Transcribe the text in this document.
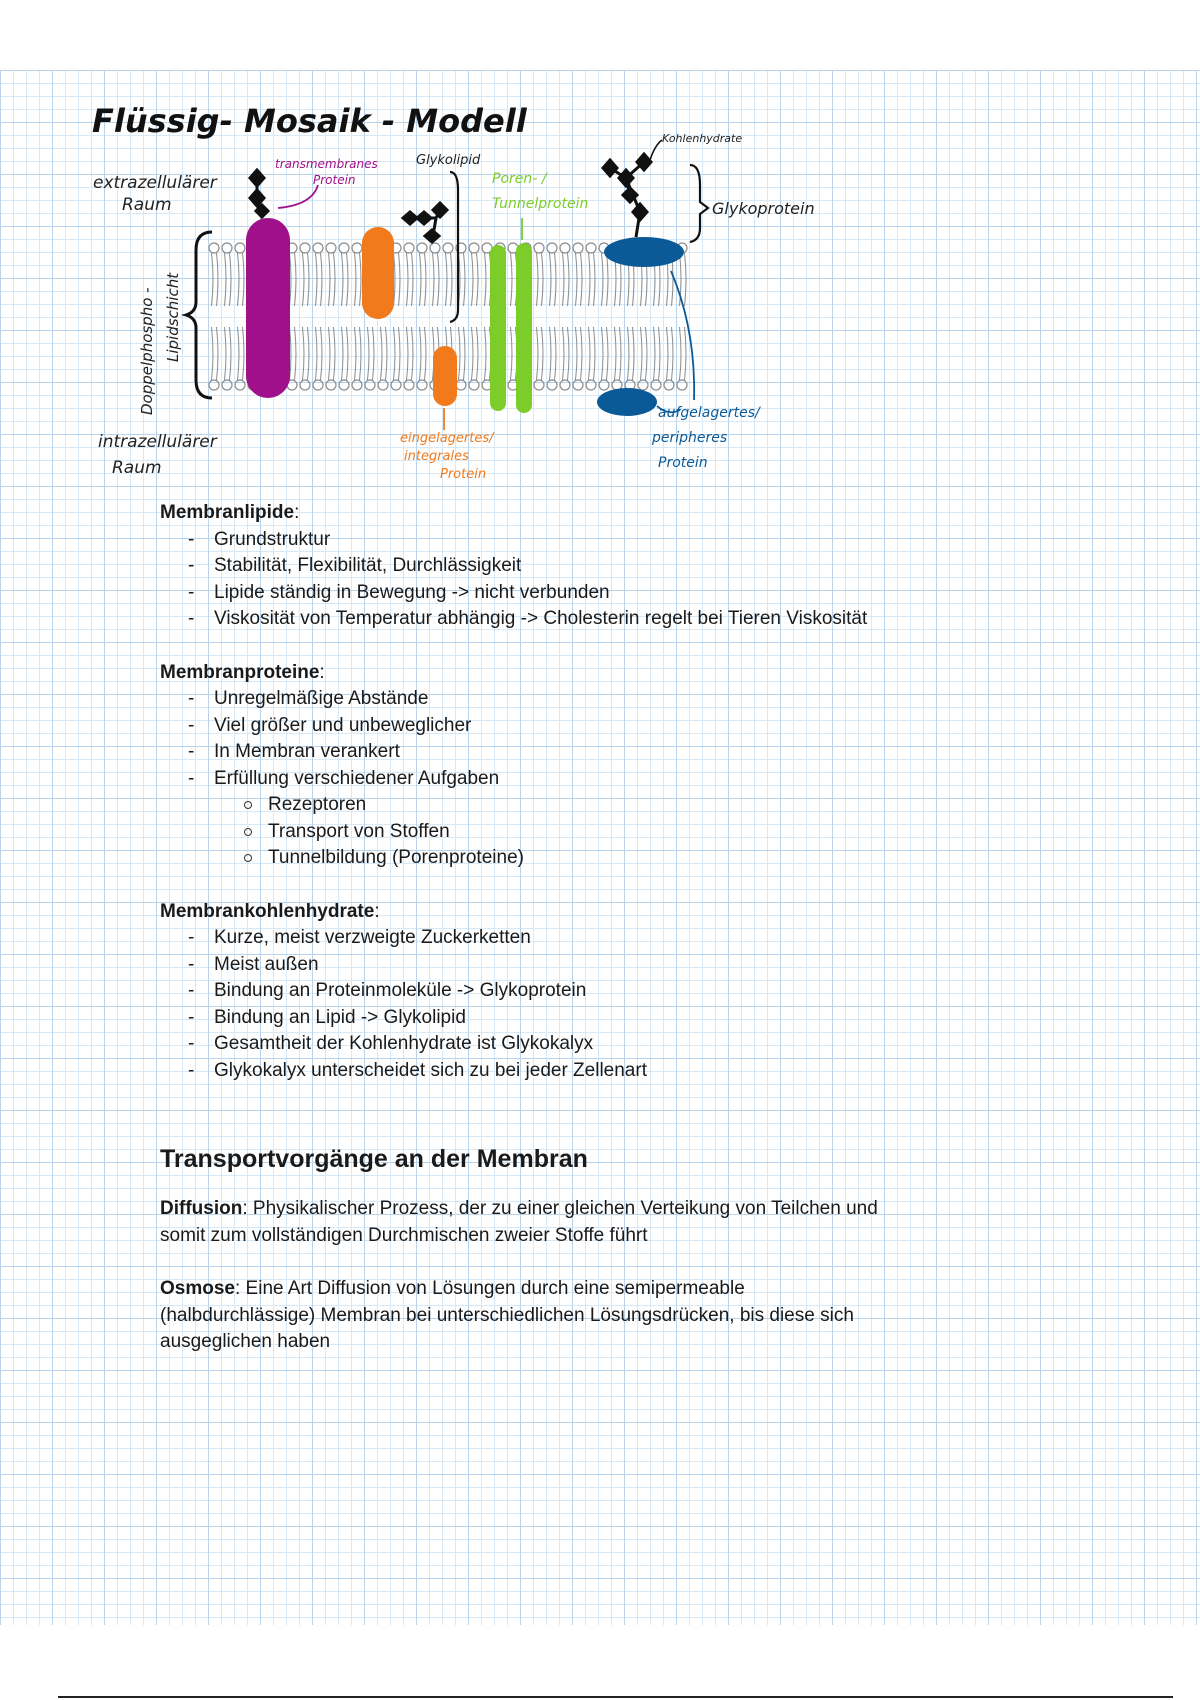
Flüssig- Mosaik - Modell
extrazellulärer
Raum
intrazellulärer
Raum
Doppelphospho - Lipidschicht
transmembranes
Protein
Glykolipid
Poren- /
Tunnelprotein
Kohlenhydrate
Glykoprotein
eingelagertes/
integrales
Protein
aufgelagertes/
peripheres
Protein
Membranlipide:
- Grundstruktur
- Stabilität, Flexibilität, Durchlässigkeit
- Lipide ständig in Bewegung -> nicht verbunden
- Viskosität von Temperatur abhängig -> Cholesterin regelt bei Tieren Viskosität
Membranproteine:
- Unregelmäßige Abstände
- Viel größer und unbeweglicher
- In Membran verankert
- Erfüllung verschiedener Aufgaben
Rezeptoren
Transport von Stoffen
Tunnelbildung (Porenproteine)
Membrankohlenhydrate:
- Kurze, meist verzweigte Zuckerketten
- Meist außen
- Bindung an Proteinmoleküle -> Glykoprotein
- Bindung an Lipid -> Glykolipid
- Gesamtheit der Kohlenhydrate ist Glykokalyx
- Glykokalyx unterscheidet sich zu bei jeder Zellenart
Transportvorgänge an der Membran

Diffusion: Physikalischer Prozess, der zu einer gleichen Verteikung von Teilchen und somit zum vollständigen Durchmischen zweier Stoffe führt

Osmose: Eine Art Diffusion von Lösungen durch eine semipermeable (halbdurchlässige) Membran bei unterschiedlichen Lösungsdrücken, bis diese sich ausgeglichen haben
